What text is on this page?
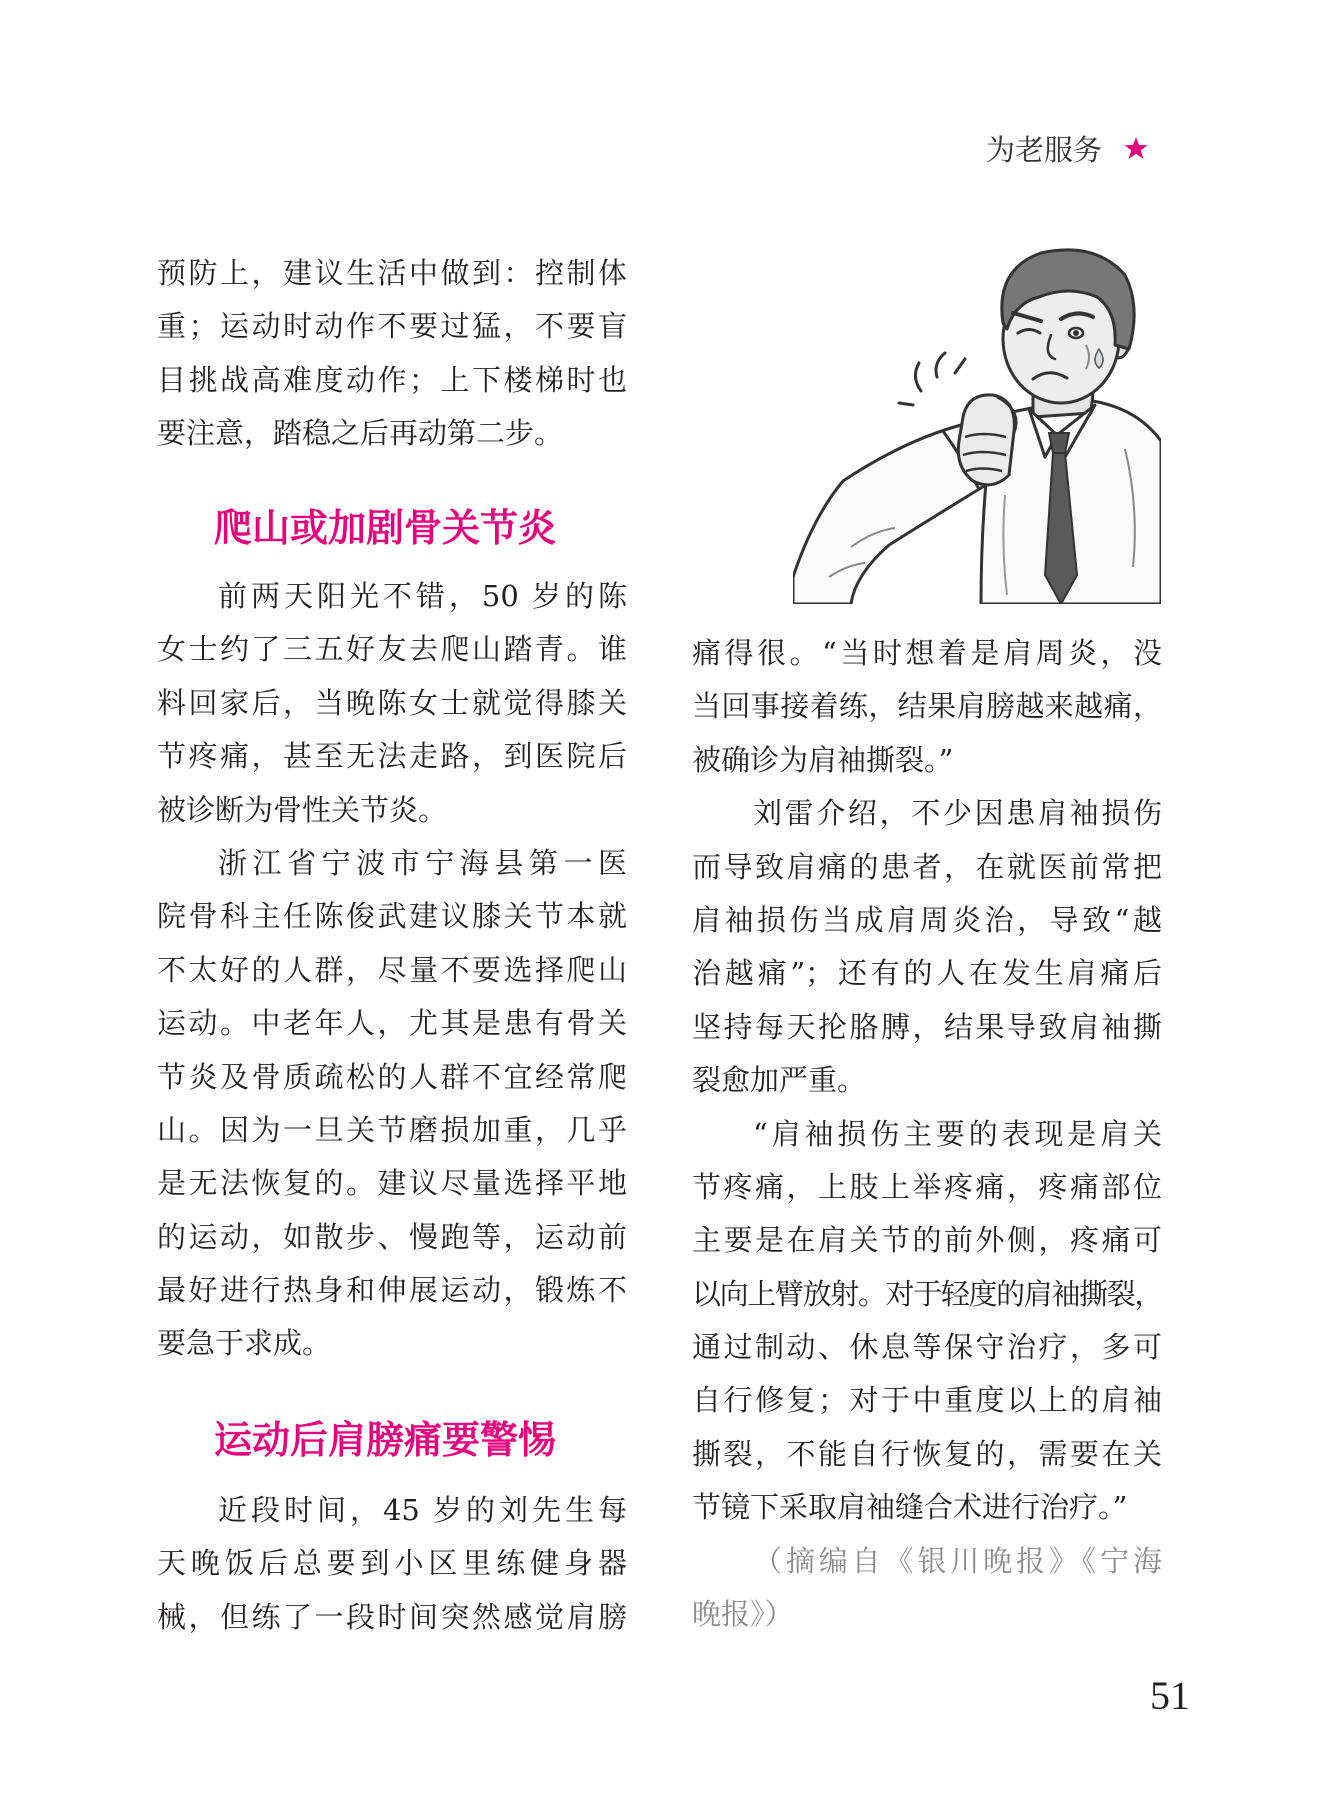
为老服务
预防上，建议生活中做到：控制体
重；运动时动作不要过猛，不要盲
目挑战高难度动作；上下楼梯时也
要注意，踏稳之后再动第二步。
爬山或加剧骨关节炎
前两天阳光不错，50 岁的陈
女士约了三五好友去爬山踏青。谁
料回家后，当晚陈女士就觉得膝关
节疼痛，甚至无法走路，到医院后
被诊断为骨性关节炎。
浙江省宁波市宁海县第一医
院骨科主任陈俊武建议膝关节本就
不太好的人群，尽量不要选择爬山
运动。中老年人，尤其是患有骨关
节炎及骨质疏松的人群不宜经常爬
山。因为一旦关节磨损加重，几乎
是无法恢复的。建议尽量选择平地
的运动，如散步、慢跑等，运动前
最好进行热身和伸展运动，锻炼不
要急于求成。
运动后肩膀痛要警惕
近段时间，45 岁的刘先生每
天晚饭后总要到小区里练健身器
械，但练了一段时间突然感觉肩膀
痛得很。“当时想着是肩周炎，没
当回事接着练，结果肩膀越来越痛，
被确诊为肩袖撕裂。”
刘雷介绍，不少因患肩袖损伤
而导致肩痛的患者，在就医前常把
肩袖损伤当成肩周炎治，导致“越
治越痛”；还有的人在发生肩痛后
坚持每天抡胳膊，结果导致肩袖撕
裂愈加严重。
“肩袖损伤主要的表现是肩关
节疼痛，上肢上举疼痛，疼痛部位
主要是在肩关节的前外侧，疼痛可
以向上臂放射。对于轻度的肩袖撕裂，
通过制动、休息等保守治疗，多可
自行修复；对于中重度以上的肩袖
撕裂，不能自行恢复的，需要在关
节镜下采取肩袖缝合术进行治疗。”
（摘编自《银川晚报》《宁海
晚报》）
51
